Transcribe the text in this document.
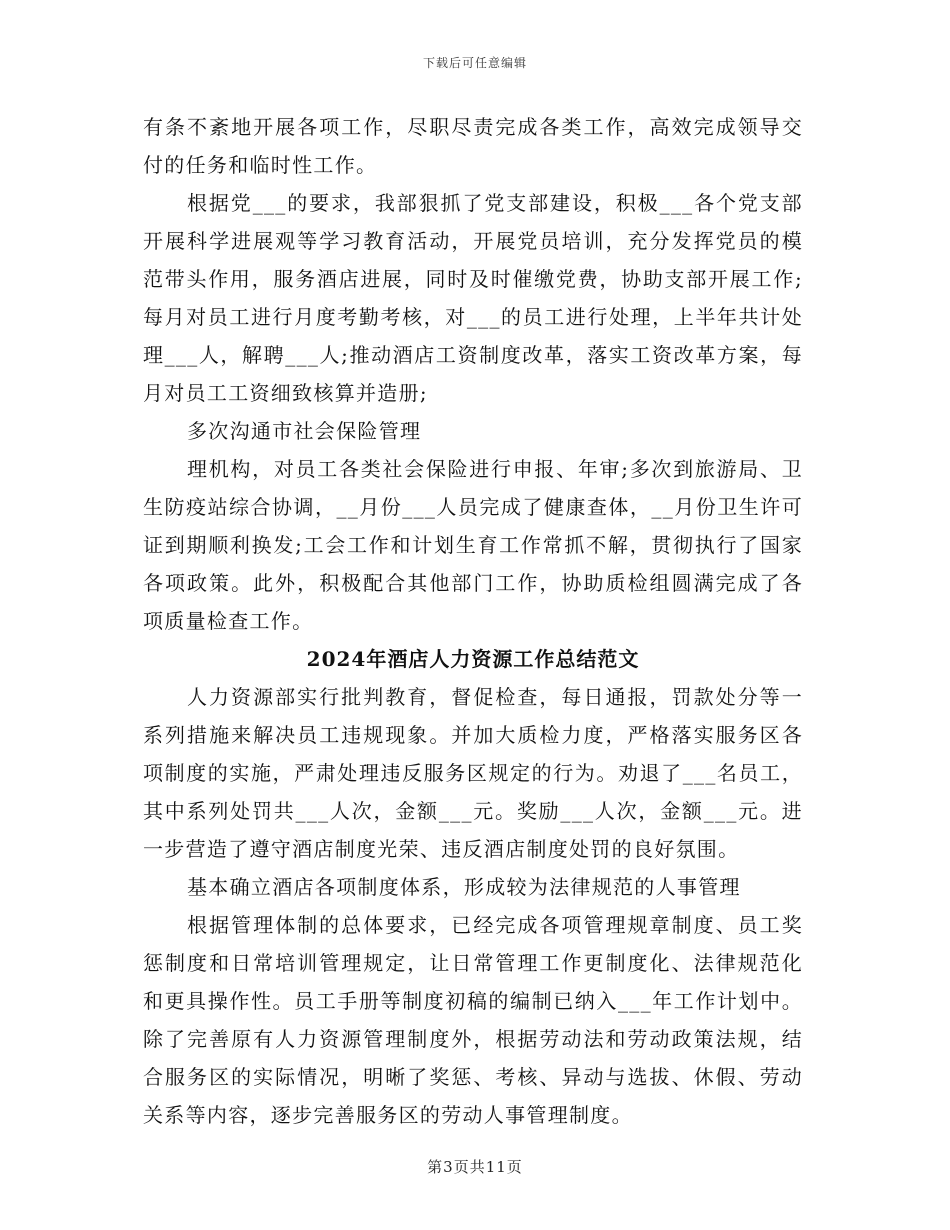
下载后可任意编辑

有条不紊地开展各项工作，尽职尽责完成各类工作，高效完成领导交付的任务和临时性工作。

根据党___的要求，我部狠抓了党支部建设，积极___各个党支部开展科学进展观等学习教育活动，开展党员培训，充分发挥党员的模范带头作用，服务酒店进展，同时及时催缴党费，协助支部开展工作;每月对员工进行月度考勤考核，对___的员工进行处理，上半年共计处理___人，解聘___人;推动酒店工资制度改革，落实工资改革方案，每月对员工工资细致核算并造册;

多次沟通市社会保险管理

理机构，对员工各类社会保险进行申报、年审;多次到旅游局、卫生防疫站综合协调，__月份___人员完成了健康查体，__月份卫生许可证到期顺利换发;工会工作和计划生育工作常抓不解，贯彻执行了国家各项政策。此外，积极配合其他部门工作，协助质检组圆满完成了各项质量检查工作。

2024年酒店人力资源工作总结范文

人力资源部实行批判教育，督促检查，每日通报，罚款处分等一系列措施来解决员工违规现象。并加大质检力度，严格落实服务区各项制度的实施，严肃处理违反服务区规定的行为。劝退了___名员工，其中系列处罚共___人次，金额___元。奖励___人次，金额___元。进一步营造了遵守酒店制度光荣、违反酒店制度处罚的良好氛围。

基本确立酒店各项制度体系，形成较为法律规范的人事管理

根据管理体制的总体要求，已经完成各项管理规章制度、员工奖惩制度和日常培训管理规定，让日常管理工作更制度化、法律规范化和更具操作性。员工手册等制度初稿的编制已纳入___年工作计划中。除了完善原有人力资源管理制度外，根据劳动法和劳动政策法规，结合服务区的实际情况，明晰了奖惩、考核、异动与选拔、休假、劳动关系等内容，逐步完善服务区的劳动人事管理制度。

第3页共11页
